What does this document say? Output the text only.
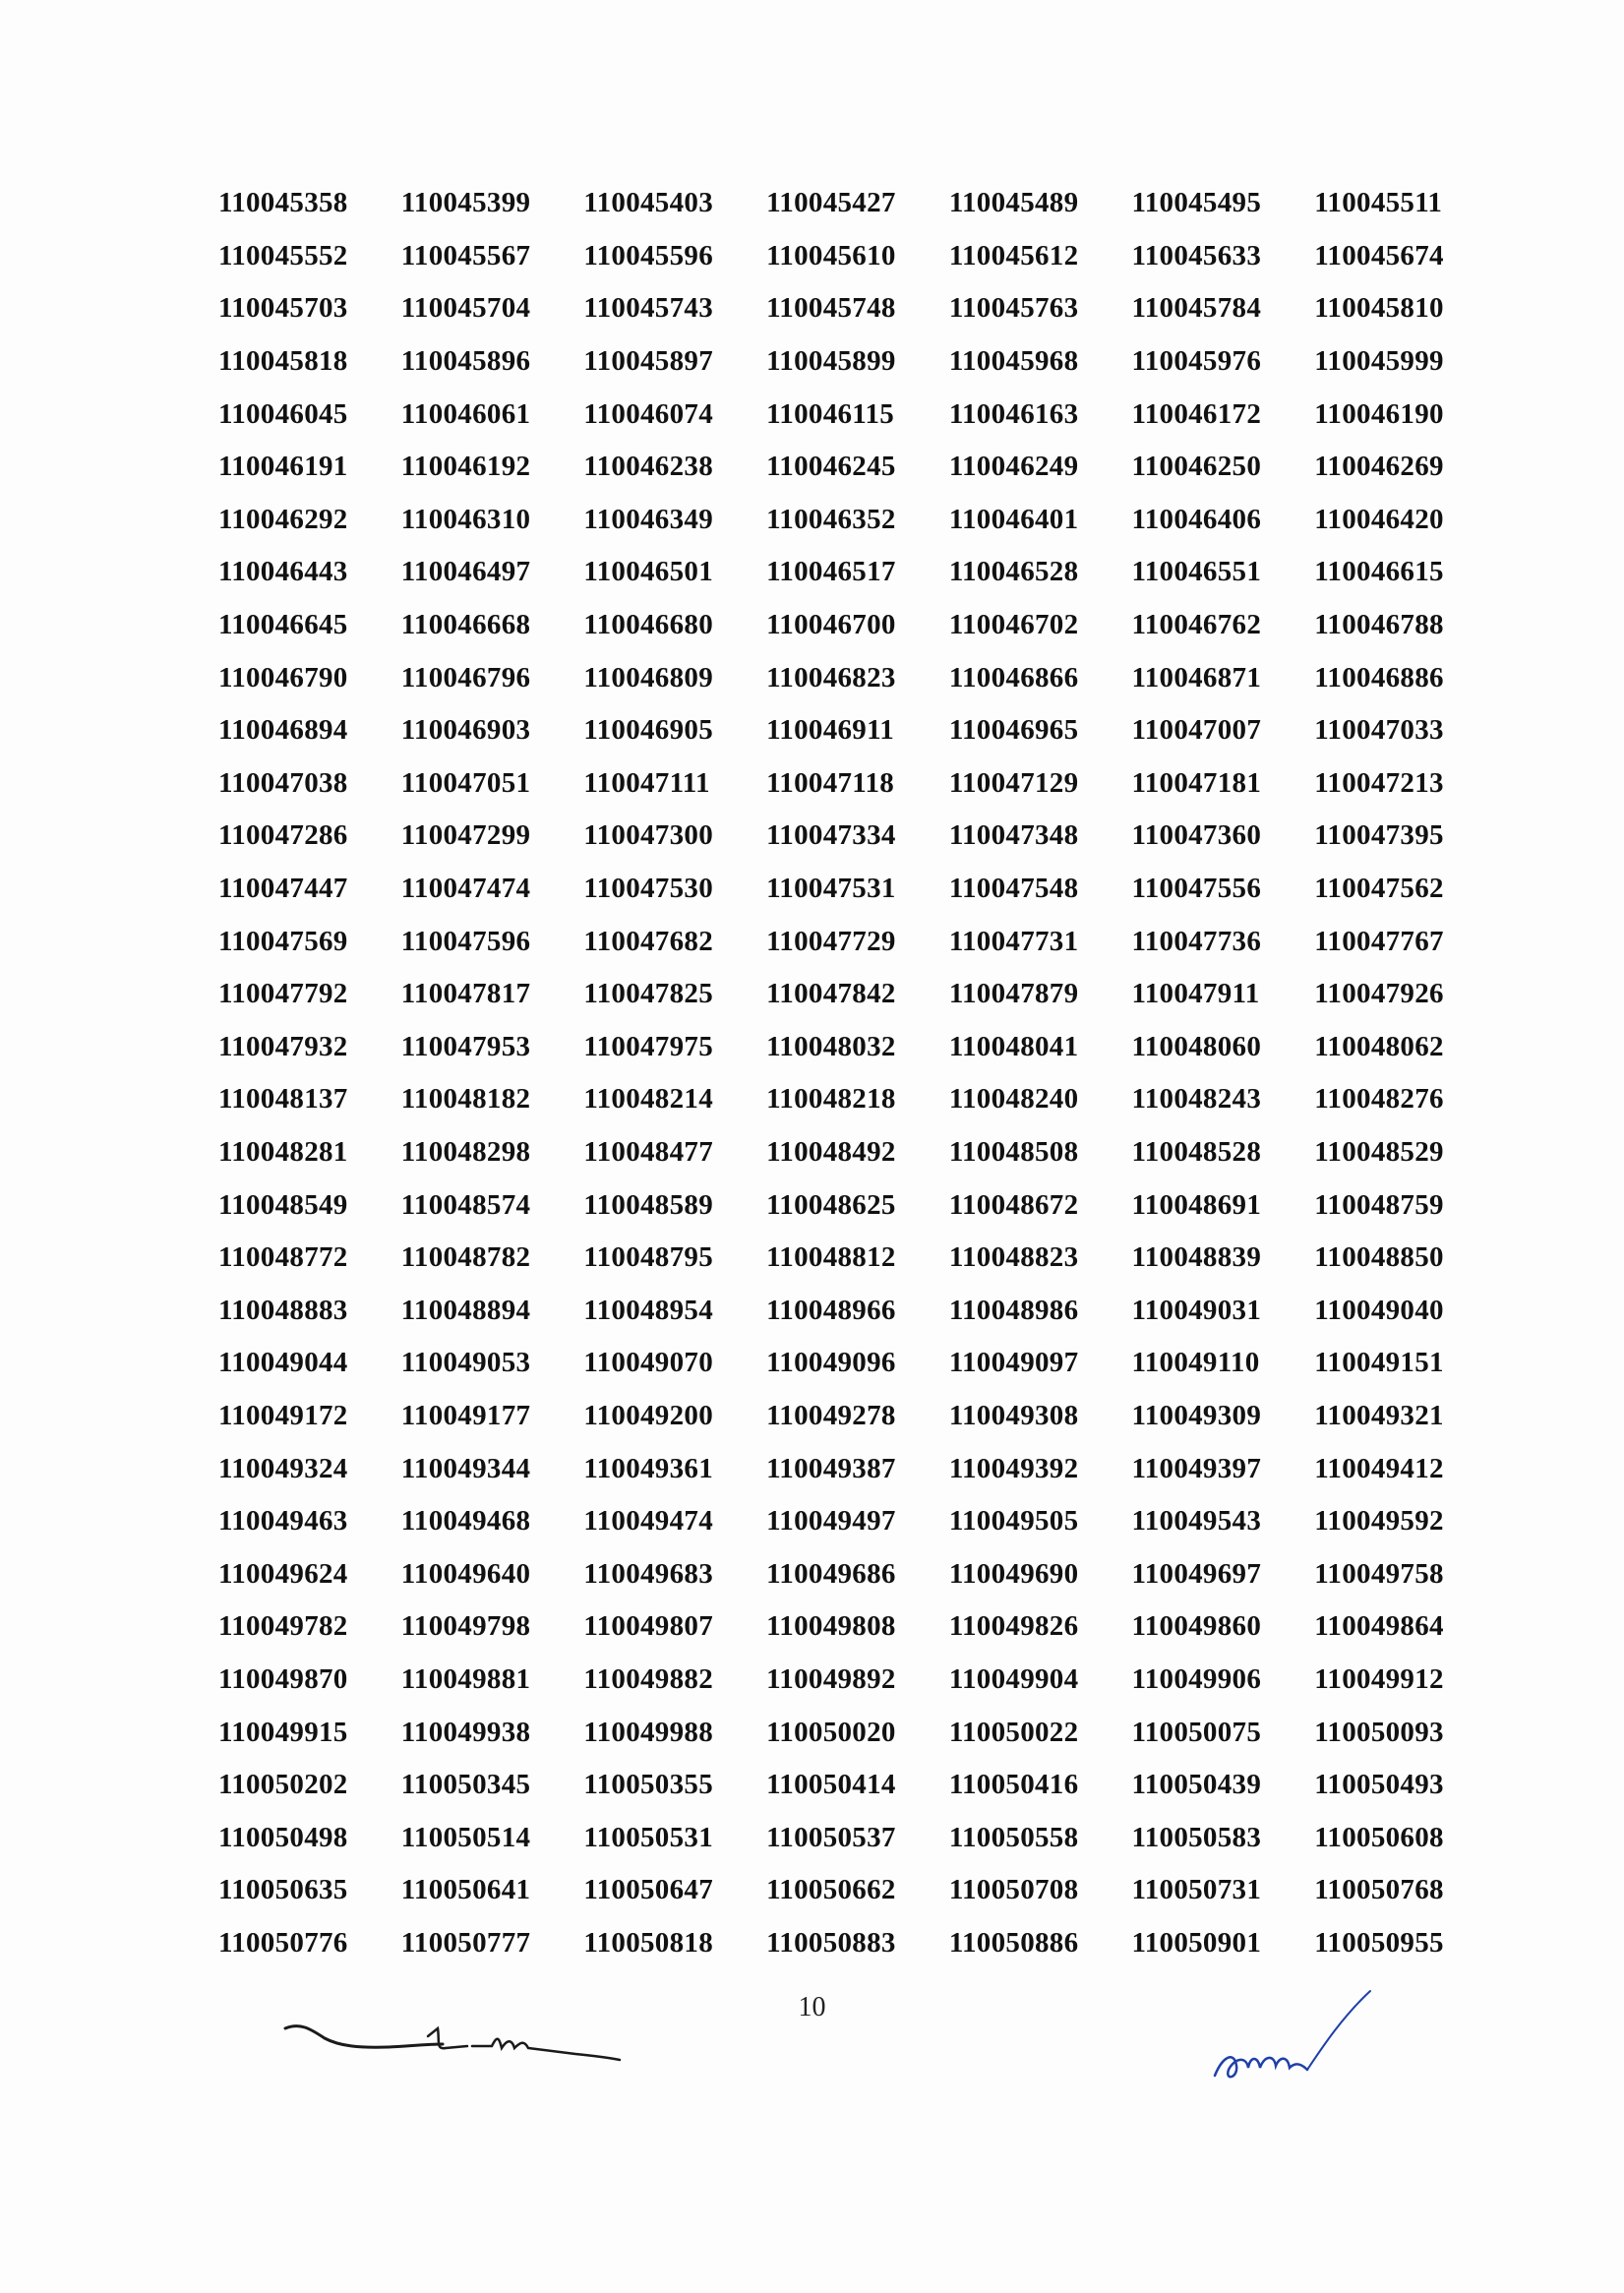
110045358	110045399	110045403	110045427	110045489	110045495	110045511
110045552	110045567	110045596	110045610	110045612	110045633	110045674
110045703	110045704	110045743	110045748	110045763	110045784	110045810
110045818	110045896	110045897	110045899	110045968	110045976	110045999
110046045	110046061	110046074	110046115	110046163	110046172	110046190
110046191	110046192	110046238	110046245	110046249	110046250	110046269
110046292	110046310	110046349	110046352	110046401	110046406	110046420
110046443	110046497	110046501	110046517	110046528	110046551	110046615
110046645	110046668	110046680	110046700	110046702	110046762	110046788
110046790	110046796	110046809	110046823	110046866	110046871	110046886
110046894	110046903	110046905	110046911	110046965	110047007	110047033
110047038	110047051	110047111	110047118	110047129	110047181	110047213
110047286	110047299	110047300	110047334	110047348	110047360	110047395
110047447	110047474	110047530	110047531	110047548	110047556	110047562
110047569	110047596	110047682	110047729	110047731	110047736	110047767
110047792	110047817	110047825	110047842	110047879	110047911	110047926
110047932	110047953	110047975	110048032	110048041	110048060	110048062
110048137	110048182	110048214	110048218	110048240	110048243	110048276
110048281	110048298	110048477	110048492	110048508	110048528	110048529
110048549	110048574	110048589	110048625	110048672	110048691	110048759
110048772	110048782	110048795	110048812	110048823	110048839	110048850
110048883	110048894	110048954	110048966	110048986	110049031	110049040
110049044	110049053	110049070	110049096	110049097	110049110	110049151
110049172	110049177	110049200	110049278	110049308	110049309	110049321
110049324	110049344	110049361	110049387	110049392	110049397	110049412
110049463	110049468	110049474	110049497	110049505	110049543	110049592
110049624	110049640	110049683	110049686	110049690	110049697	110049758
110049782	110049798	110049807	110049808	110049826	110049860	110049864
110049870	110049881	110049882	110049892	110049904	110049906	110049912
110049915	110049938	110049988	110050020	110050022	110050075	110050093
110050202	110050345	110050355	110050414	110050416	110050439	110050493
110050498	110050514	110050531	110050537	110050558	110050583	110050608
110050635	110050641	110050647	110050662	110050708	110050731	110050768
110050776	110050777	110050818	110050883	110050886	110050901	110050955
10
